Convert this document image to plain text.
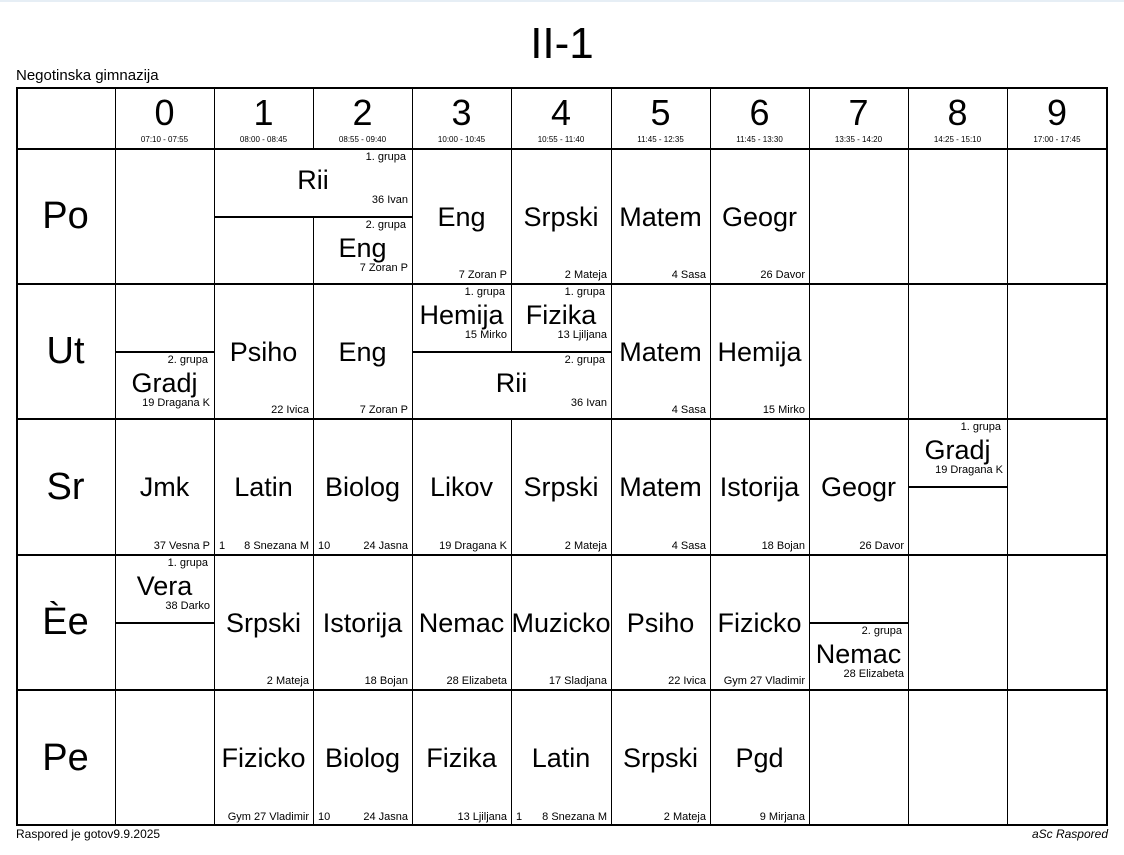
II-1
Negotinska gimnazija
0
07:10 - 07:55
1
08:00 - 08:45
2
08:55 - 09:40
3
10:00 - 10:45
4
10:55 - 11:40
5
11:45 - 12:35
6
11:45 - 13:30
7
13:35 - 14:20
8
14:25 - 15:10
9
17:00 - 17:45
Po
Ut
Sr
Èe
Pe
Rii
1. grupa
36 Ivan
Eng
2. grupa
7 Zoran P
Eng
7 Zoran P
Srpski
2 Mateja
Matem
4 Sasa
Geogr
26 Davor
Gradj
2. grupa
19 Dragana K
Psiho
22 Ivica
Eng
7 Zoran P
Hemija
1. grupa
15 Mirko
Fizika
1. grupa
13 Ljiljana
Rii
2. grupa
36 Ivan
Matem
4 Sasa
Hemija
15 Mirko
Jmk
37 Vesna P
Latin
8 Snezana M
1
Biolog
24 Jasna
10
Likov
19 Dragana K
Srpski
2 Mateja
Matem
4 Sasa
Istorija
18 Bojan
Geogr
26 Davor
Gradj
1. grupa
19 Dragana K
Vera
1. grupa
38 Darko
Srpski
2 Mateja
Istorija
18 Bojan
Nemac
28 Elizabeta
Muzicko
17 Sladjana
Psiho
22 Ivica
Fizicko
Gym 27 Vladimir
Nemac
2. grupa
28 Elizabeta
Fizicko
Gym 27 Vladimir
Biolog
24 Jasna
10
Fizika
13 Ljiljana
Latin
8 Snezana M
1
Srpski
2 Mateja
Pgd
9 Mirjana
Raspored je gotov9.9.2025	aSc Raspored
